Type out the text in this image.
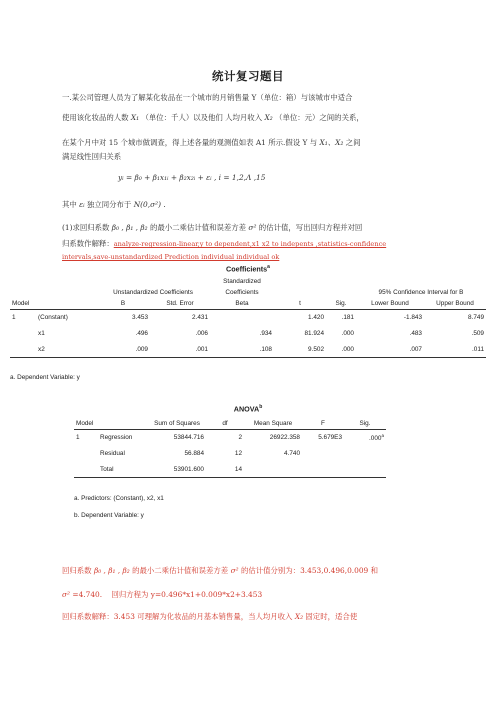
统计复习题目
一.某公司管理人员为了解某化妆品在一个城市的月销售量 Y（单位：箱）与该城市中适合
使用该化妆品的人数 X₁ （单位：千人）以及他们 人均月收入 X₂ （单位：元）之间的关系，
在某个月中对 15 个城市做调查，得上述各量的观测值如表 A1 所示.假设 Y 与 X₁、X₂ 之间
满足线性回归关系
yᵢ = β₀ + β₁x₁ᵢ + β₂x₂ᵢ + εᵢ , i = 1,2,Λ ,15
其中 εᵢ 独立同分布于 N(0,σ²) .
(1)求回归系数 β₀ , β₁ , β₂ 的最小二乘估计值和误差方差 σ² 的估计值，写出回归方程并对回
归系数作解释：analyze-regression-linear,y to dependent,x1 x2 to indepents ,statistics-confidence
intervals,save-unstandardized Prediction individual individual ok
Coefficients$^a$
				Standardized				
		Unstandardized Coefficients		Coefficients			95% Confidence Interval for B	
Model		B	Std. Error	Beta	t	Sig.	Lower Bound	Upper Bound
1	(Constant)	3.453	2.431		1.420	.181	-1.843	8.749
	x1	.496	.006	.934	81.924	.000	.483	.509
	x2	.009	.001	.108	9.502	.000	.007	.011
a. Dependent Variable: y
ANOVA$^b$
Model		Sum of Squares	df	Mean Square	F	Sig.
1	Regression	53844.716	2	26922.358	5.679E3	.000$^a$
	Residual	56.884	12	4.740		
	Total	53901.600	14			
a. Predictors: (Constant), x2, x1
b. Dependent Variable: y
回归系数 β₀ , β₁ , β₂ 的最小二乘估计值和误差方差 σ² 的估计值分别为：3.453,0.496,0.009 和
σ² =4.740. 回归方程为 y=0.496*x1+0.009*x2+3.453
回归系数解释：3.453 可理解为化妆品的月基本销售量，当人均月收入 X₂ 固定时，适合使
